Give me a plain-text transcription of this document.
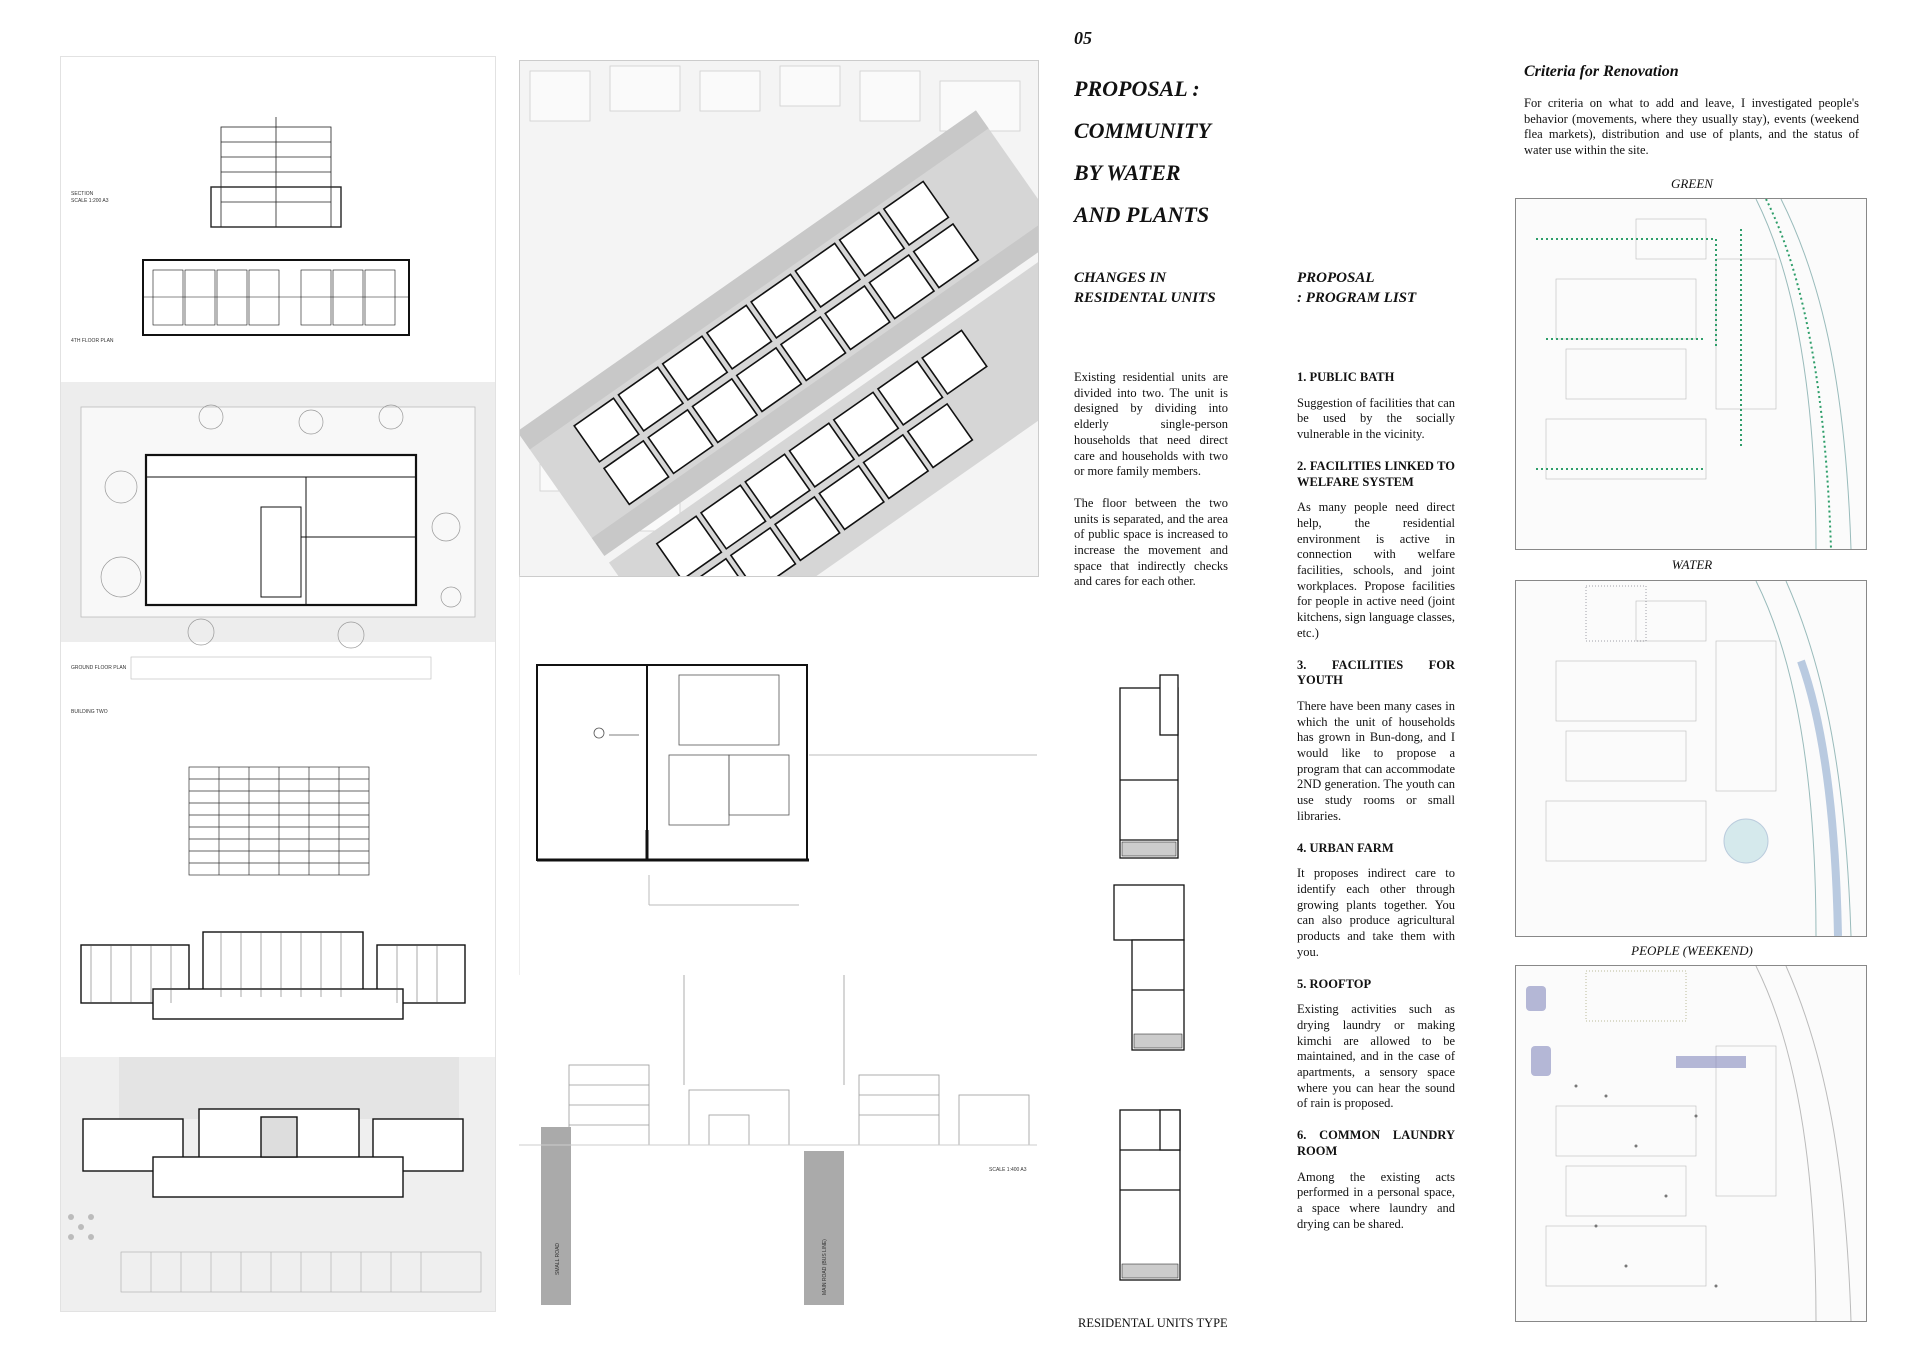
SECTION
SCALE 1:200 A3
4TH FLOOR PLAN
GROUND FLOOR PLAN
BUILDING TWO
SMALL ROAD	MAIN ROAD (BUS LINE)
SCALE 1:400 A3
05
PROPOSAL :
COMMUNITY
BY WATER
AND PLANTS
CHANGES IN
RESIDENTAL UNITS

Existing residential units are divided into two. The unit is designed by dividing into elderly single-person households that need direct care and households with two or more family members.

The floor between the two units is separated, and the area of public space is increased to increase the movement and space that indirectly checks and cares for each other.

RESIDENTAL UNITS TYPE
PROPOSAL
: PROGRAM LIST

1. PUBLIC BATH

Suggestion of facilities that can be used by the socially vulnerable in the vicinity.

2. FACILITIES LINKED TO WELFARE SYSTEM

As many people need direct help, the residential environment is active in connection with welfare facilities, schools, and joint workplaces. Propose facilities for people in active need (joint kitchens, sign language classes, etc.)

3. FACILITIES FOR YOUTH

There have been many cases in which the unit of households has grown in Bun-dong, and I would like to propose a program that can accommodate 2ND generation. The youth can use study rooms or small libraries.

4. URBAN FARM

It proposes indirect care to identify each other through growing plants together. You can also produce agricultural products and take them with you.

5. ROOFTOP

Existing activities such as drying laundry or making kimchi are allowed to be maintained, and in the case of apartments, a sensory space where you can hear the sound of rain is proposed.

6. COMMON LAUNDRY ROOM

Among the existing acts performed in a personal space, a space where laundry and drying can be shared.

Criteria for Renovation
For criteria on what to add and leave, I investigated people's behavior (movements, where they usually stay), events (weekend flea markets), distribution and use of plants, and the status of water use within the site.
GREEN
WATER
PEOPLE (WEEKEND)
